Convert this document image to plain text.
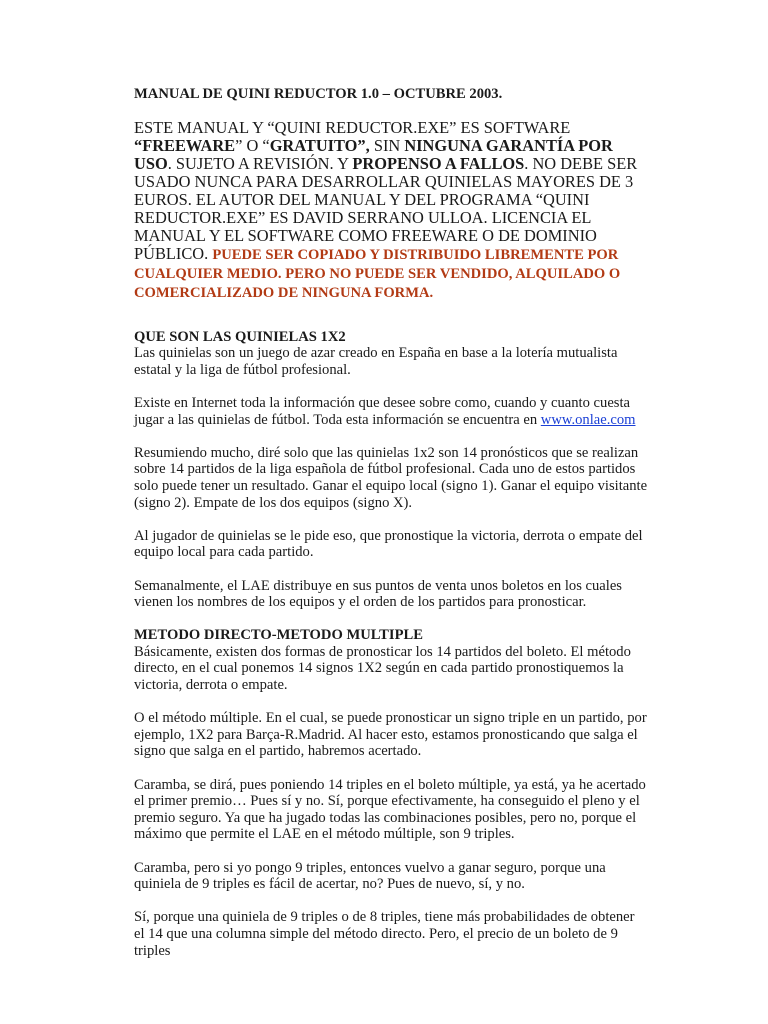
MANUAL DE QUINI REDUCTOR 1.0 – OCTUBRE 2003.

ESTE MANUAL Y “QUINI REDUCTOR.EXE” ES SOFTWARE “FREEWARE” O “GRATUITO”, SIN NINGUNA GARANTÍA POR USO. SUJETO A REVISIÓN. Y PROPENSO A FALLOS. NO DEBE SER USADO NUNCA PARA DESARROLLAR QUINIELAS MAYORES DE 3 EUROS. EL AUTOR DEL MANUAL Y DEL PROGRAMA “QUINI REDUCTOR.EXE” ES DAVID SERRANO ULLOA. LICENCIA EL MANUAL Y EL SOFTWARE COMO FREEWARE O DE DOMINIO PÚBLICO. PUEDE SER COPIADO Y DISTRIBUIDO LIBREMENTE POR CUALQUIER MEDIO. PERO NO PUEDE SER VENDIDO, ALQUILADO O COMERCIALIZADO DE NINGUNA FORMA.

QUE SON LAS QUINIELAS 1X2

Las quinielas son un juego de azar creado en España en base a la lotería mutualista estatal y la liga de fútbol profesional.

Existe en Internet toda la información que desee sobre como, cuando y cuanto cuesta jugar a las quinielas de fútbol. Toda esta información se encuentra en www.onlae.com

Resumiendo mucho, diré solo que las quinielas 1x2 son 14 pronósticos que se realizan sobre 14 partidos de la liga española de fútbol profesional. Cada uno de estos partidos solo puede tener un resultado. Ganar el equipo local (signo 1). Ganar el equipo visitante (signo 2). Empate de los dos equipos (signo X).

Al jugador de quinielas se le pide eso, que pronostique la victoria, derrota o empate del equipo local para cada partido.

Semanalmente, el LAE distribuye en sus puntos de venta unos boletos en los cuales vienen los nombres de los equipos y el orden de los partidos para pronosticar.

METODO DIRECTO-METODO MULTIPLE

Básicamente, existen dos formas de pronosticar los 14 partidos del boleto. El método directo, en el cual ponemos 14 signos 1X2 según en cada partido pronostiquemos la victoria, derrota o empate.

O el método múltiple. En el cual, se puede pronosticar un signo triple en un partido, por ejemplo, 1X2 para Barça-R.Madrid. Al hacer esto, estamos pronosticando que salga el signo que salga en el partido, habremos acertado.

Caramba, se dirá, pues poniendo 14 triples en el boleto múltiple, ya está, ya he acertado el primer premio… Pues sí y no. Sí, porque efectivamente, ha conseguido el pleno y el premio seguro. Ya que ha jugado todas las combinaciones posibles, pero no, porque el máximo que permite el LAE en el método múltiple, son 9 triples.

Caramba, pero si yo pongo 9 triples, entonces vuelvo a ganar seguro, porque una quiniela de 9 triples es fácil de acertar, no? Pues de nuevo, sí, y no.

Sí, porque una quiniela de 9 triples o de 8 triples, tiene más probabilidades de obtener el 14 que una columna simple del método directo. Pero, el precio de un boleto de 9 triples
